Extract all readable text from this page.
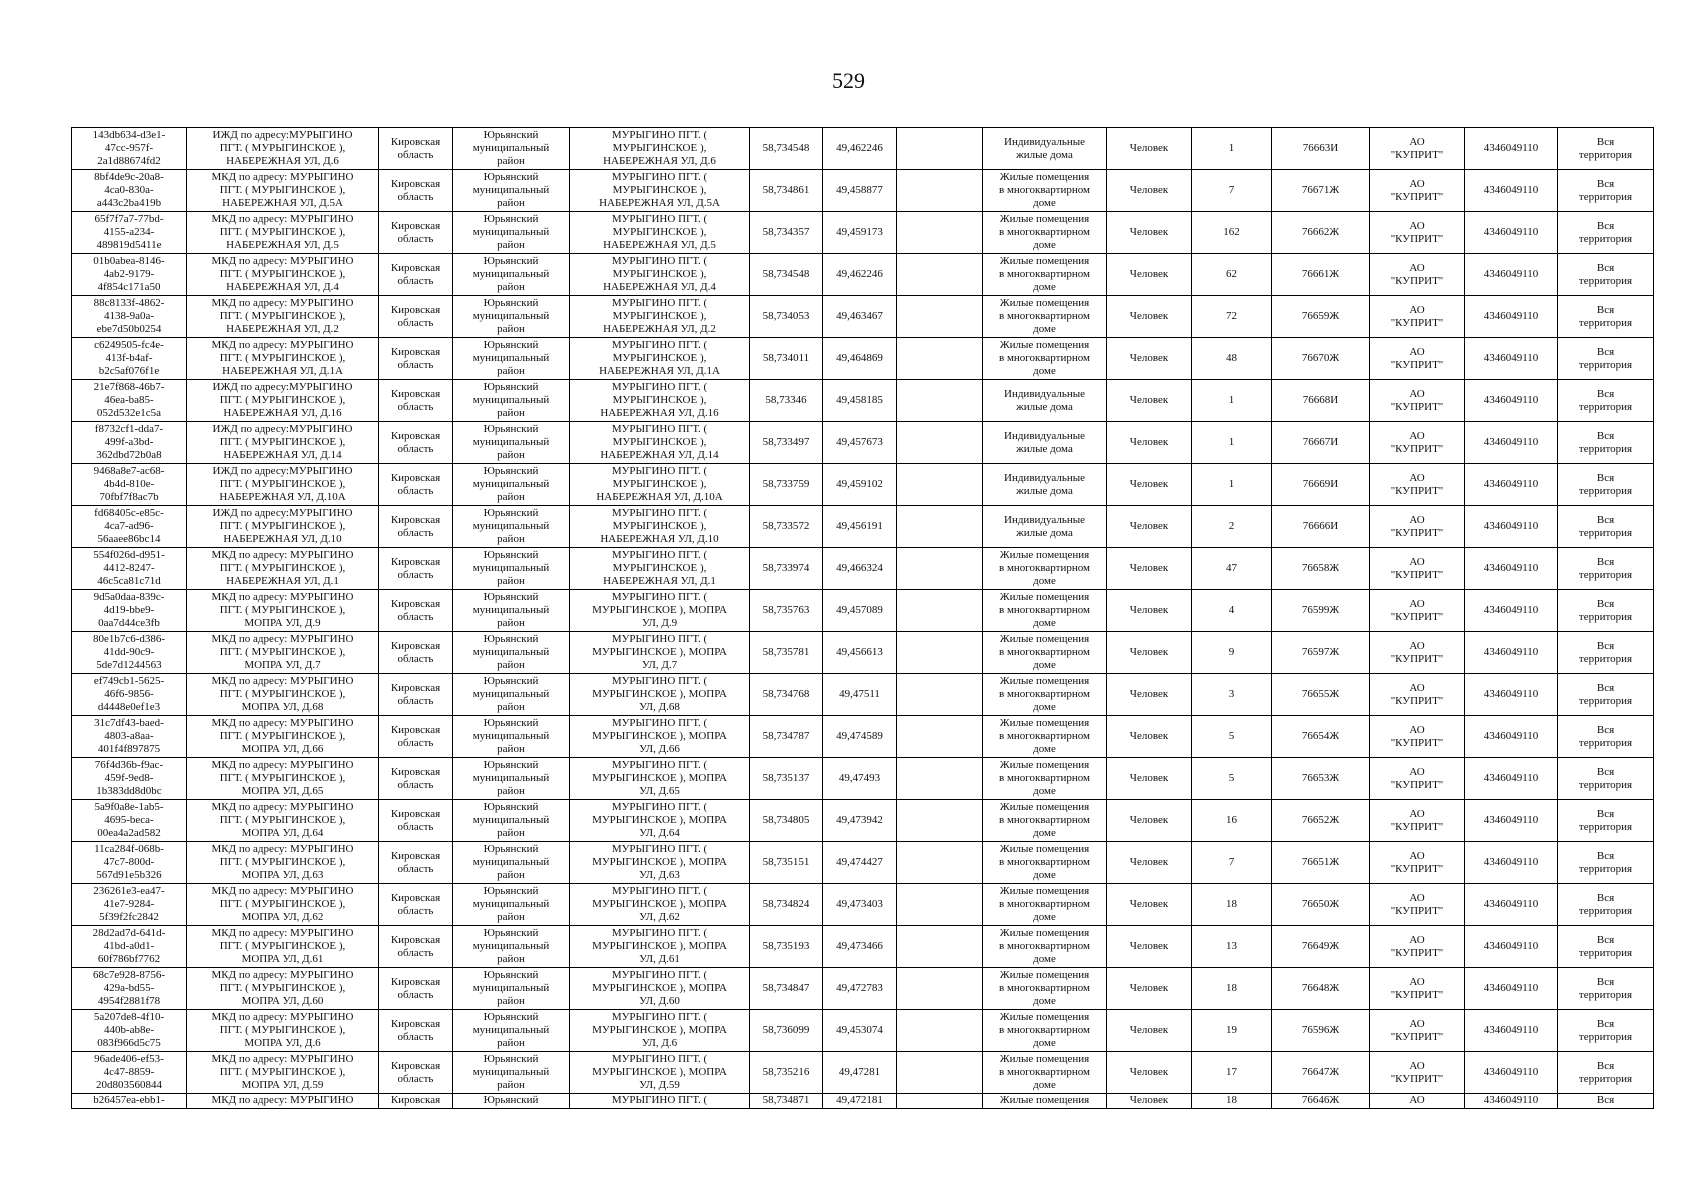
529
143db634-d3e1-
47cc-957f-
2a1d88674fd2	ИЖД по адресу:МУРЫГИНО
ПГТ. ( МУРЫГИНСКОЕ ),
НАБЕРЕЖНАЯ УЛ, Д.6	Кировская
область	Юрьянский
муниципальный
район	МУРЫГИНО ПГТ. (
МУРЫГИНСКОЕ ),
НАБЕРЕЖНАЯ УЛ, Д.6	58,734548	49,462246		Индивидуальные
жилые дома	Человек	1	76663И	АО
"КУПРИТ"	4346049110	Вся
территория
8bf4de9c-20a8-
4ca0-830a-
a443c2ba419b	МКД по адресу: МУРЫГИНО
ПГТ. ( МУРЫГИНСКОЕ ),
НАБЕРЕЖНАЯ УЛ, Д.5А	Кировская
область	Юрьянский
муниципальный
район	МУРЫГИНО ПГТ. (
МУРЫГИНСКОЕ ),
НАБЕРЕЖНАЯ УЛ, Д.5А	58,734861	49,458877		Жилые помещения
в многоквартирном
доме	Человек	7	76671Ж	АО
"КУПРИТ"	4346049110	Вся
территория
65f7f7a7-77bd-
4155-a234-
489819d5411e	МКД по адресу: МУРЫГИНО
ПГТ. ( МУРЫГИНСКОЕ ),
НАБЕРЕЖНАЯ УЛ, Д.5	Кировская
область	Юрьянский
муниципальный
район	МУРЫГИНО ПГТ. (
МУРЫГИНСКОЕ ),
НАБЕРЕЖНАЯ УЛ, Д.5	58,734357	49,459173		Жилые помещения
в многоквартирном
доме	Человек	162	76662Ж	АО
"КУПРИТ"	4346049110	Вся
территория
01b0abea-8146-
4ab2-9179-
4f854c171a50	МКД по адресу: МУРЫГИНО
ПГТ. ( МУРЫГИНСКОЕ ),
НАБЕРЕЖНАЯ УЛ, Д.4	Кировская
область	Юрьянский
муниципальный
район	МУРЫГИНО ПГТ. (
МУРЫГИНСКОЕ ),
НАБЕРЕЖНАЯ УЛ, Д.4	58,734548	49,462246		Жилые помещения
в многоквартирном
доме	Человек	62	76661Ж	АО
"КУПРИТ"	4346049110	Вся
территория
88c8133f-4862-
4138-9a0a-
ebe7d50b0254	МКД по адресу: МУРЫГИНО
ПГТ. ( МУРЫГИНСКОЕ ),
НАБЕРЕЖНАЯ УЛ, Д.2	Кировская
область	Юрьянский
муниципальный
район	МУРЫГИНО ПГТ. (
МУРЫГИНСКОЕ ),
НАБЕРЕЖНАЯ УЛ, Д.2	58,734053	49,463467		Жилые помещения
в многоквартирном
доме	Человек	72	76659Ж	АО
"КУПРИТ"	4346049110	Вся
территория
c6249505-fc4e-
413f-b4af-
b2c5af076f1e	МКД по адресу: МУРЫГИНО
ПГТ. ( МУРЫГИНСКОЕ ),
НАБЕРЕЖНАЯ УЛ, Д.1А	Кировская
область	Юрьянский
муниципальный
район	МУРЫГИНО ПГТ. (
МУРЫГИНСКОЕ ),
НАБЕРЕЖНАЯ УЛ, Д.1А	58,734011	49,464869		Жилые помещения
в многоквартирном
доме	Человек	48	76670Ж	АО
"КУПРИТ"	4346049110	Вся
территория
21e7f868-46b7-
46ea-ba85-
052d532e1c5a	ИЖД по адресу:МУРЫГИНО
ПГТ. ( МУРЫГИНСКОЕ ),
НАБЕРЕЖНАЯ УЛ, Д.16	Кировская
область	Юрьянский
муниципальный
район	МУРЫГИНО ПГТ. (
МУРЫГИНСКОЕ ),
НАБЕРЕЖНАЯ УЛ, Д.16	58,73346	49,458185		Индивидуальные
жилые дома	Человек	1	76668И	АО
"КУПРИТ"	4346049110	Вся
территория
f8732cf1-dda7-
499f-a3bd-
362dbd72b0a8	ИЖД по адресу:МУРЫГИНО
ПГТ. ( МУРЫГИНСКОЕ ),
НАБЕРЕЖНАЯ УЛ, Д.14	Кировская
область	Юрьянский
муниципальный
район	МУРЫГИНО ПГТ. (
МУРЫГИНСКОЕ ),
НАБЕРЕЖНАЯ УЛ, Д.14	58,733497	49,457673		Индивидуальные
жилые дома	Человек	1	76667И	АО
"КУПРИТ"	4346049110	Вся
территория
9468a8e7-ac68-
4b4d-810e-
70fbf7f8ac7b	ИЖД по адресу:МУРЫГИНО
ПГТ. ( МУРЫГИНСКОЕ ),
НАБЕРЕЖНАЯ УЛ, Д.10А	Кировская
область	Юрьянский
муниципальный
район	МУРЫГИНО ПГТ. (
МУРЫГИНСКОЕ ),
НАБЕРЕЖНАЯ УЛ, Д.10А	58,733759	49,459102		Индивидуальные
жилые дома	Человек	1	76669И	АО
"КУПРИТ"	4346049110	Вся
территория
fd68405c-e85c-
4ca7-ad96-
56aaee86bc14	ИЖД по адресу:МУРЫГИНО
ПГТ. ( МУРЫГИНСКОЕ ),
НАБЕРЕЖНАЯ УЛ, Д.10	Кировская
область	Юрьянский
муниципальный
район	МУРЫГИНО ПГТ. (
МУРЫГИНСКОЕ ),
НАБЕРЕЖНАЯ УЛ, Д.10	58,733572	49,456191		Индивидуальные
жилые дома	Человек	2	76666И	АО
"КУПРИТ"	4346049110	Вся
территория
554f026d-d951-
4412-8247-
46c5ca81c71d	МКД по адресу: МУРЫГИНО
ПГТ. ( МУРЫГИНСКОЕ ),
НАБЕРЕЖНАЯ УЛ, Д.1	Кировская
область	Юрьянский
муниципальный
район	МУРЫГИНО ПГТ. (
МУРЫГИНСКОЕ ),
НАБЕРЕЖНАЯ УЛ, Д.1	58,733974	49,466324		Жилые помещения
в многоквартирном
доме	Человек	47	76658Ж	АО
"КУПРИТ"	4346049110	Вся
территория
9d5a0daa-839c-
4d19-bbe9-
0aa7d44ce3fb	МКД по адресу: МУРЫГИНО
ПГТ. ( МУРЫГИНСКОЕ ),
МОПРА УЛ, Д.9	Кировская
область	Юрьянский
муниципальный
район	МУРЫГИНО ПГТ. (
МУРЫГИНСКОЕ ), МОПРА
УЛ, Д.9	58,735763	49,457089		Жилые помещения
в многоквартирном
доме	Человек	4	76599Ж	АО
"КУПРИТ"	4346049110	Вся
территория
80e1b7c6-d386-
41dd-90c9-
5de7d1244563	МКД по адресу: МУРЫГИНО
ПГТ. ( МУРЫГИНСКОЕ ),
МОПРА УЛ, Д.7	Кировская
область	Юрьянский
муниципальный
район	МУРЫГИНО ПГТ. (
МУРЫГИНСКОЕ ), МОПРА
УЛ, Д.7	58,735781	49,456613		Жилые помещения
в многоквартирном
доме	Человек	9	76597Ж	АО
"КУПРИТ"	4346049110	Вся
территория
ef749cb1-5625-
46f6-9856-
d4448e0ef1e3	МКД по адресу: МУРЫГИНО
ПГТ. ( МУРЫГИНСКОЕ ),
МОПРА УЛ, Д.68	Кировская
область	Юрьянский
муниципальный
район	МУРЫГИНО ПГТ. (
МУРЫГИНСКОЕ ), МОПРА
УЛ, Д.68	58,734768	49,47511		Жилые помещения
в многоквартирном
доме	Человек	3	76655Ж	АО
"КУПРИТ"	4346049110	Вся
территория
31c7df43-baed-
4803-a8aa-
401f4f897875	МКД по адресу: МУРЫГИНО
ПГТ. ( МУРЫГИНСКОЕ ),
МОПРА УЛ, Д.66	Кировская
область	Юрьянский
муниципальный
район	МУРЫГИНО ПГТ. (
МУРЫГИНСКОЕ ), МОПРА
УЛ, Д.66	58,734787	49,474589		Жилые помещения
в многоквартирном
доме	Человек	5	76654Ж	АО
"КУПРИТ"	4346049110	Вся
территория
76f4d36b-f9ac-
459f-9ed8-
1b383dd8d0bc	МКД по адресу: МУРЫГИНО
ПГТ. ( МУРЫГИНСКОЕ ),
МОПРА УЛ, Д.65	Кировская
область	Юрьянский
муниципальный
район	МУРЫГИНО ПГТ. (
МУРЫГИНСКОЕ ), МОПРА
УЛ, Д.65	58,735137	49,47493		Жилые помещения
в многоквартирном
доме	Человек	5	76653Ж	АО
"КУПРИТ"	4346049110	Вся
территория
5a9f0a8e-1ab5-
4695-beca-
00ea4a2ad582	МКД по адресу: МУРЫГИНО
ПГТ. ( МУРЫГИНСКОЕ ),
МОПРА УЛ, Д.64	Кировская
область	Юрьянский
муниципальный
район	МУРЫГИНО ПГТ. (
МУРЫГИНСКОЕ ), МОПРА
УЛ, Д.64	58,734805	49,473942		Жилые помещения
в многоквартирном
доме	Человек	16	76652Ж	АО
"КУПРИТ"	4346049110	Вся
территория
11ca284f-068b-
47c7-800d-
567d91e5b326	МКД по адресу: МУРЫГИНО
ПГТ. ( МУРЫГИНСКОЕ ),
МОПРА УЛ, Д.63	Кировская
область	Юрьянский
муниципальный
район	МУРЫГИНО ПГТ. (
МУРЫГИНСКОЕ ), МОПРА
УЛ, Д.63	58,735151	49,474427		Жилые помещения
в многоквартирном
доме	Человек	7	76651Ж	АО
"КУПРИТ"	4346049110	Вся
территория
236261e3-ea47-
41e7-9284-
5f39f2fc2842	МКД по адресу: МУРЫГИНО
ПГТ. ( МУРЫГИНСКОЕ ),
МОПРА УЛ, Д.62	Кировская
область	Юрьянский
муниципальный
район	МУРЫГИНО ПГТ. (
МУРЫГИНСКОЕ ), МОПРА
УЛ, Д.62	58,734824	49,473403		Жилые помещения
в многоквартирном
доме	Человек	18	76650Ж	АО
"КУПРИТ"	4346049110	Вся
территория
28d2ad7d-641d-
41bd-a0d1-
60f786bf7762	МКД по адресу: МУРЫГИНО
ПГТ. ( МУРЫГИНСКОЕ ),
МОПРА УЛ, Д.61	Кировская
область	Юрьянский
муниципальный
район	МУРЫГИНО ПГТ. (
МУРЫГИНСКОЕ ), МОПРА
УЛ, Д.61	58,735193	49,473466		Жилые помещения
в многоквартирном
доме	Человек	13	76649Ж	АО
"КУПРИТ"	4346049110	Вся
территория
68c7e928-8756-
429a-bd55-
4954f2881f78	МКД по адресу: МУРЫГИНО
ПГТ. ( МУРЫГИНСКОЕ ),
МОПРА УЛ, Д.60	Кировская
область	Юрьянский
муниципальный
район	МУРЫГИНО ПГТ. (
МУРЫГИНСКОЕ ), МОПРА
УЛ, Д.60	58,734847	49,472783		Жилые помещения
в многоквартирном
доме	Человек	18	76648Ж	АО
"КУПРИТ"	4346049110	Вся
территория
5a207de8-4f10-
440b-ab8e-
083f966d5c75	МКД по адресу: МУРЫГИНО
ПГТ. ( МУРЫГИНСКОЕ ),
МОПРА УЛ, Д.6	Кировская
область	Юрьянский
муниципальный
район	МУРЫГИНО ПГТ. (
МУРЫГИНСКОЕ ), МОПРА
УЛ, Д.6	58,736099	49,453074		Жилые помещения
в многоквартирном
доме	Человек	19	76596Ж	АО
"КУПРИТ"	4346049110	Вся
территория
96ade406-ef53-
4c47-8859-
20d803560844	МКД по адресу: МУРЫГИНО
ПГТ. ( МУРЫГИНСКОЕ ),
МОПРА УЛ, Д.59	Кировская
область	Юрьянский
муниципальный
район	МУРЫГИНО ПГТ. (
МУРЫГИНСКОЕ ), МОПРА
УЛ, Д.59	58,735216	49,47281		Жилые помещения
в многоквартирном
доме	Человек	17	76647Ж	АО
"КУПРИТ"	4346049110	Вся
территория
b26457ea-ebb1-	МКД по адресу: МУРЫГИНО	Кировская	Юрьянский	МУРЫГИНО ПГТ. (	58,734871	49,472181		Жилые помещения	Человек	18	76646Ж	АО	4346049110	Вся
